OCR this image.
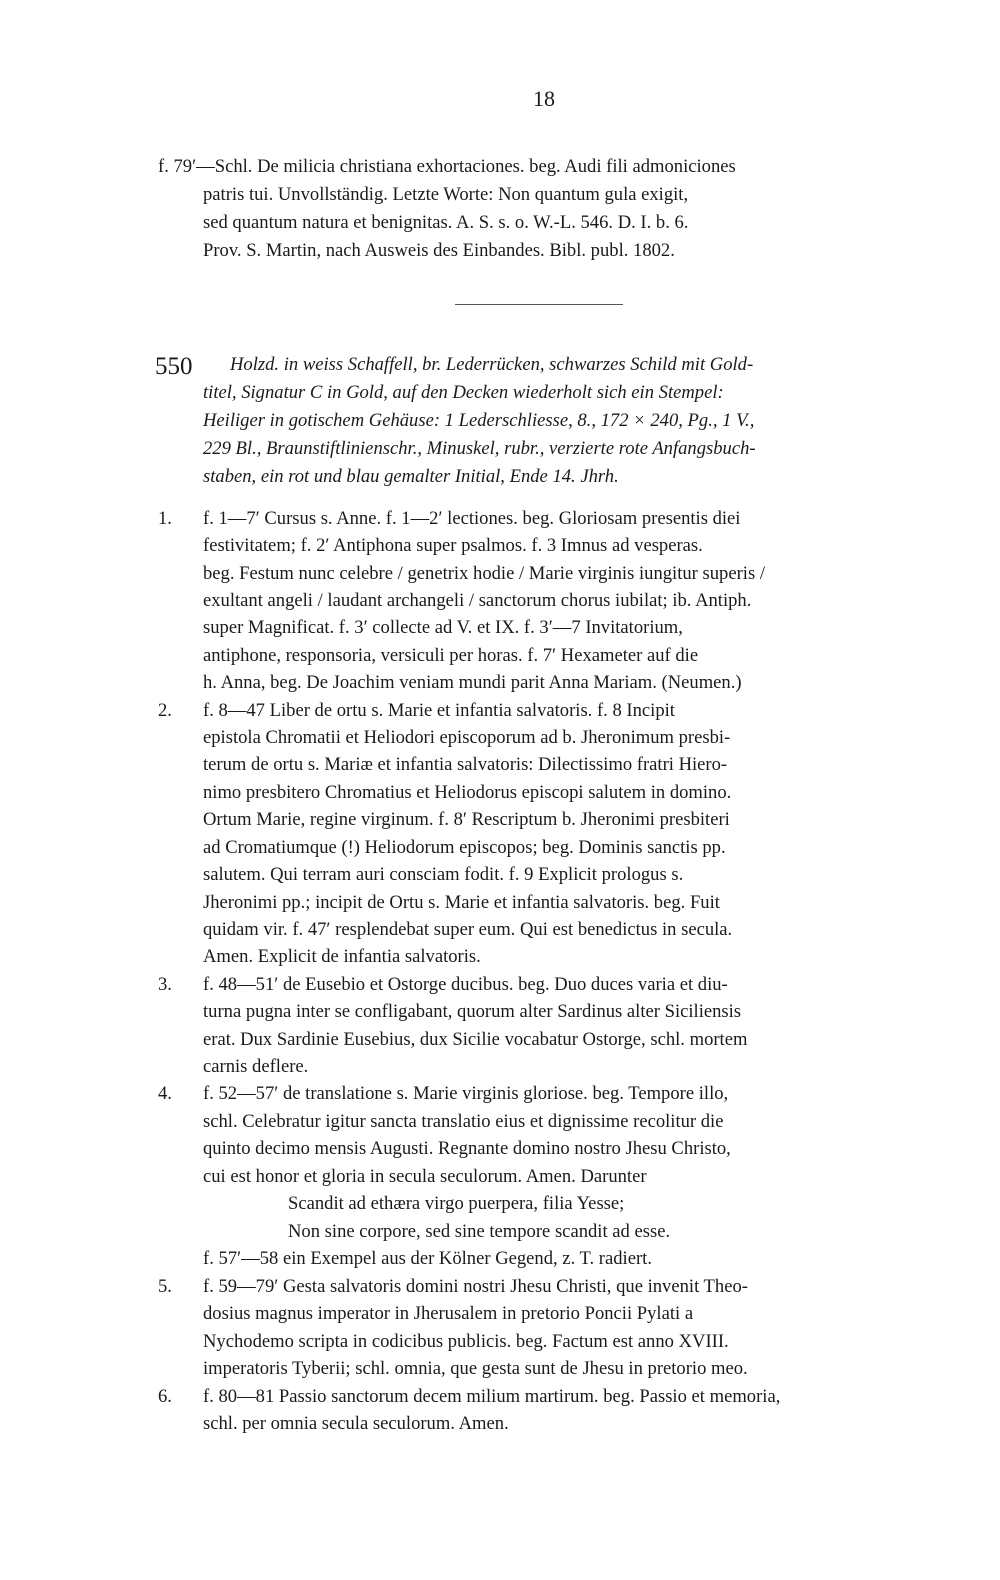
18
f. 79′—Schl. De milicia christiana exhortaciones. beg. Audi fili admoniciones
patris tui. Unvollständig. Letzte Worte: Non quantum gula exigit,
sed quantum natura et benignitas. A. S. s. o. W.-L. 546. D. I. b. 6.
Prov. S. Martin, nach Ausweis des Einbandes. Bibl. publ. 1802.
550 Holzd. in weiss Schaffell, br. Lederrücken, schwarzes Schild mit Gold-
titel, Signatur C in Gold, auf den Decken wiederholt sich ein Stempel:
Heiliger in gotischem Gehäuse: 1 Lederschliesse, 8., 172 × 240, Pg., 1 V.,
229 Bl., Braunstiftlinienschr., Minuskel, rubr., verzierte rote Anfangsbuch-
staben, ein rot und blau gemalter Initial, Ende 14. Jhrh.
1. f. 1—7′ Cursus s. Anne. f. 1—2′ lectiones. beg. Gloriosam presentis diei
festivitatem; f. 2′ Antiphona super psalmos. f. 3 Imnus ad vesperas.
beg. Festum nunc celebre / genetrix hodie / Marie virginis iungitur superis /
exultant angeli / laudant archangeli / sanctorum chorus iubilat; ib. Antiph.
super Magnificat. f. 3′ collecte ad V. et IX. f. 3′—7 Invitatorium,
antiphone, responsoria, versiculi per horas. f. 7′ Hexameter auf die
h. Anna, beg. De Joachim veniam mundi parit Anna Mariam. (Neumen.)
2. f. 8—47 Liber de ortu s. Marie et infantia salvatoris. f. 8 Incipit
epistola Chromatii et Heliodori episcoporum ad b. Jheronimum presbi-
terum de ortu s. Mariæ et infantia salvatoris: Dilectissimo fratri Hiero-
nimo presbitero Chromatius et Heliodorus episcopi salutem in domino.
Ortum Marie, regine virginum. f. 8′ Rescriptum b. Jheronimi presbiteri
ad Cromatiumque (!) Heliodorum episcopos; beg. Dominis sanctis pp.
salutem. Qui terram auri consciam fodit. f. 9 Explicit prologus s.
Jheronimi pp.; incipit de Ortu s. Marie et infantia salvatoris. beg. Fuit
quidam vir. f. 47′ resplendebat super eum. Qui est benedictus in secula.
Amen. Explicit de infantia salvatoris.
3. f. 48—51′ de Eusebio et Ostorge ducibus. beg. Duo duces varia et diu-
turna pugna inter se confligabant, quorum alter Sardinus alter Siciliensis
erat. Dux Sardinie Eusebius, dux Sicilie vocabatur Ostorge, schl. mortem
carnis deflere.
4. f. 52—57′ de translatione s. Marie virginis gloriose. beg. Tempore illo,
schl. Celebratur igitur sancta translatio eius et dignissime recolitur die
quinto decimo mensis Augusti. Regnante domino nostro Jhesu Christo,
cui est honor et gloria in secula seculorum. Amen. Darunter
Scandit ad ethæra virgo puerpera, filia Yesse;
Non sine corpore, sed sine tempore scandit ad esse.
f. 57′—58 ein Exempel aus der Kölner Gegend, z. T. radiert.
5. f. 59—79′ Gesta salvatoris domini nostri Jhesu Christi, que invenit Theo-
dosius magnus imperator in Jherusalem in pretorio Poncii Pylati a
Nychodemo scripta in codicibus publicis. beg. Factum est anno XVIII.
imperatoris Tyberii; schl. omnia, que gesta sunt de Jhesu in pretorio meo.
6. f. 80—81 Passio sanctorum decem milium martirum. beg. Passio et memoria,
schl. per omnia secula seculorum. Amen.
